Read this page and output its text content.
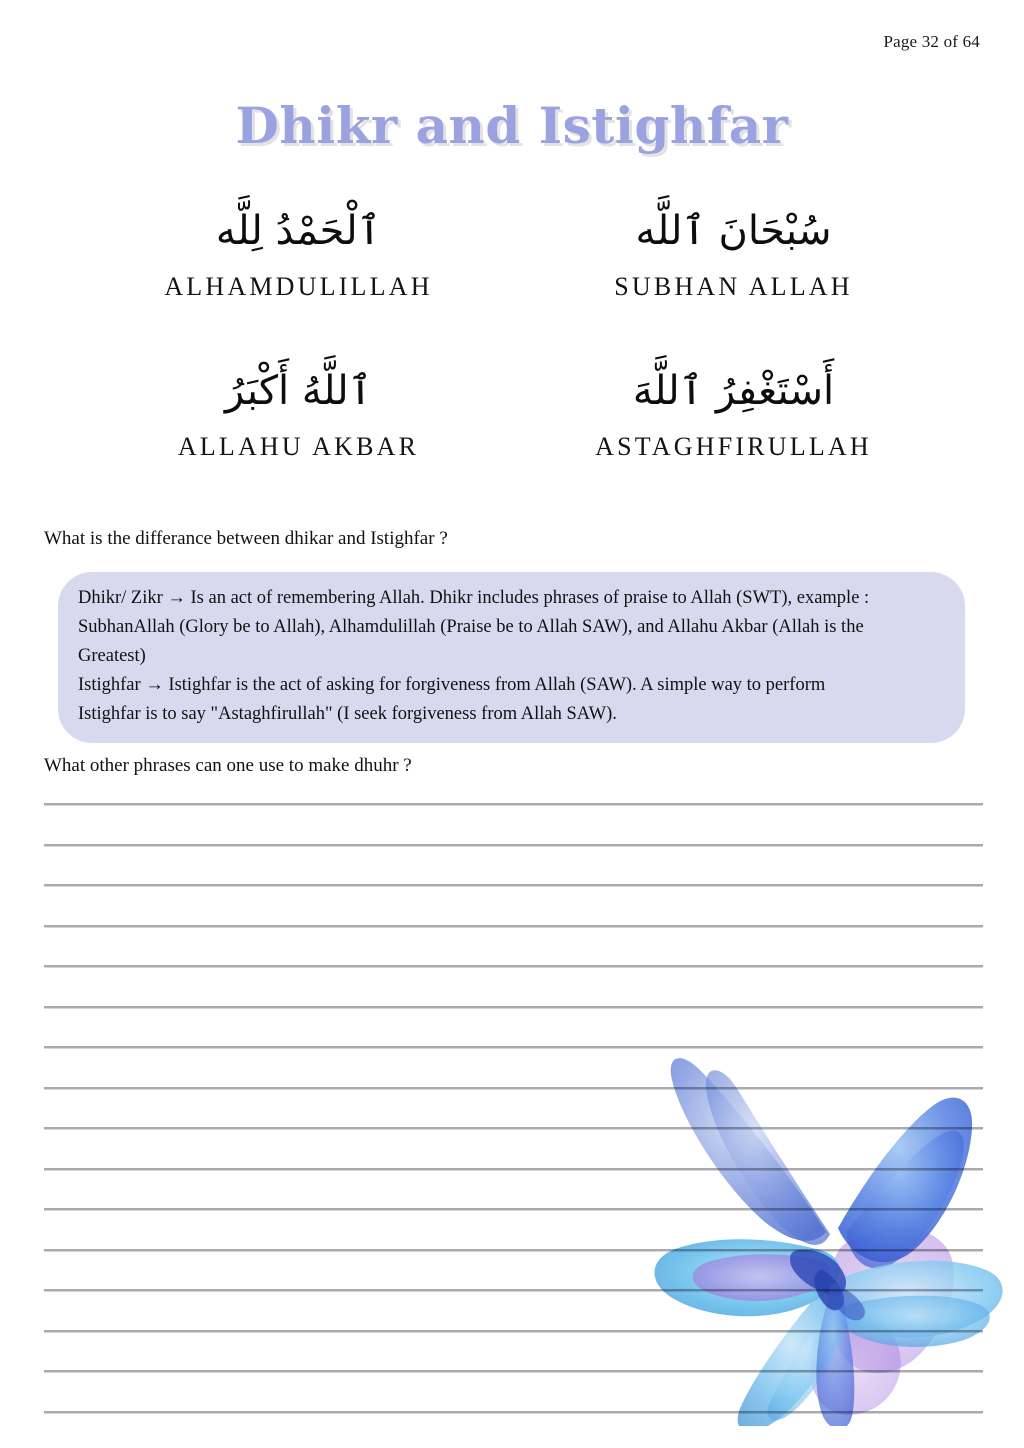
Page 32 of 64
Dhikr and Istighfar
ٱلْحَمْدُ لِلَّه
ALHAMDULILLAH
سُبْحَانَ ٱللَّه
SUBHAN ALLAH
ٱللَّهُ أَكْبَرُ
ALLAHU AKBAR
أَسْتَغْفِرُ ٱللَّهَ
ASTAGHFIRULLAH
What is the differance between dhikar and Istighfar ?
Dhikr/ Zikr → Is an act of remembering Allah. Dhikr includes phrases of praise to Allah (SWT), example :
SubhanAllah (Glory be to Allah), Alhamdulillah (Praise be to Allah SAW), and Allahu Akbar (Allah is the
Greatest)
Istighfar → Istighfar is the act of asking for forgiveness from Allah (SAW). A simple way to perform
Istighfar is to say "Astaghfirullah" (I seek forgiveness from Allah SAW).
What other phrases can one use to make dhuhr ?
